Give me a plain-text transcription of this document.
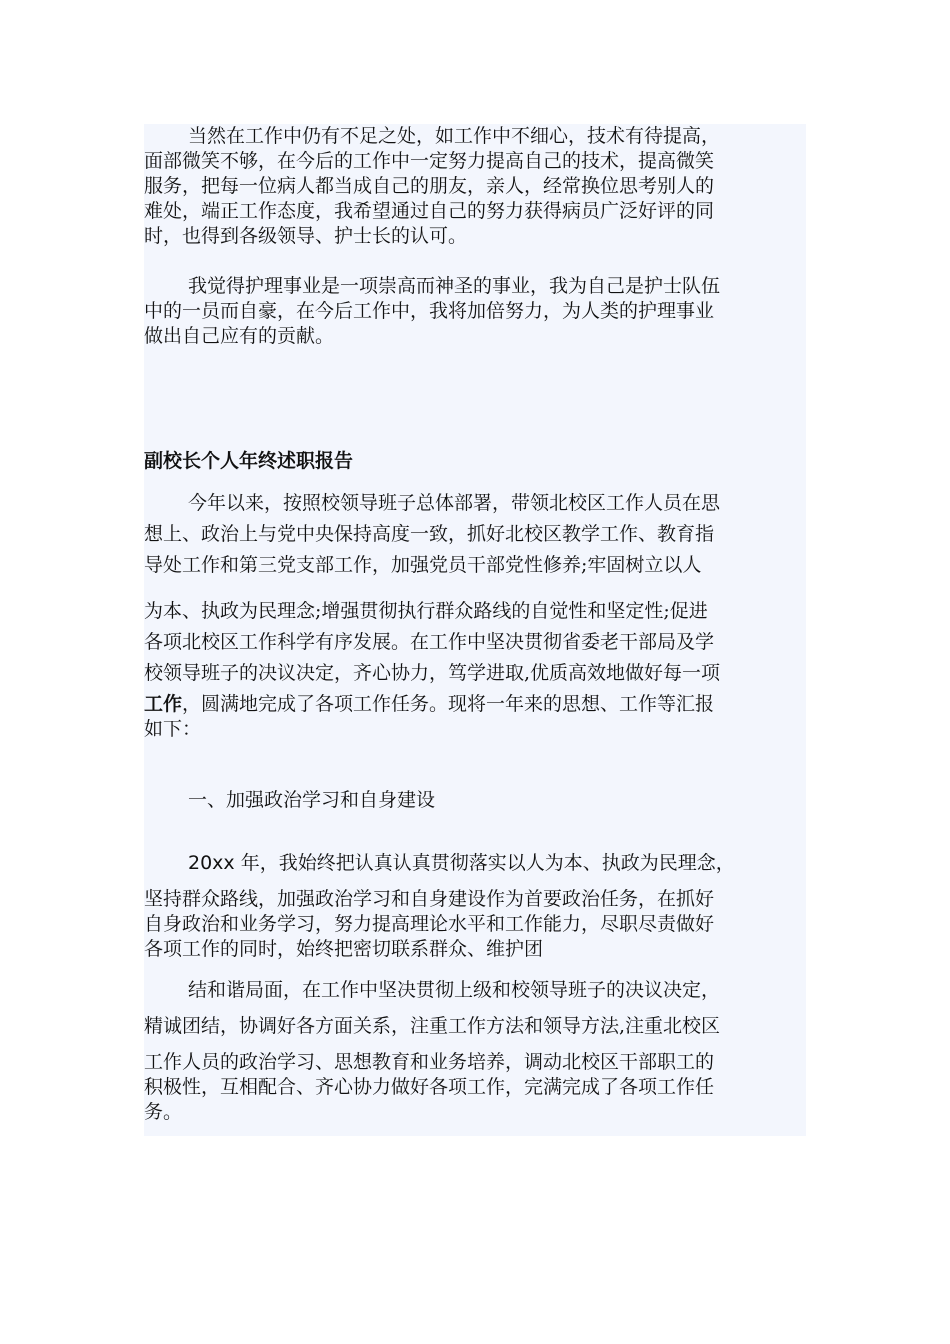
当然在工作中仍有不足之处，如工作中不细心，技术有待提高，
面部微笑不够，在今后的工作中一定努力提高自己的技术，提高微笑
服务，把每一位病人都当成自己的朋友，亲人，经常换位思考别人的
难处，端正工作态度，我希望通过自己的努力获得病员广泛好评的同
时，也得到各级领导、护士长的认可。
我觉得护理事业是一项崇高而神圣的事业，我为自己是护士队伍
中的一员而自豪，在今后工作中，我将加倍努力，为人类的护理事业
做出自己应有的贡献。
副校长个人年终述职报告
今年以来，按照校领导班子总体部署，带领北校区工作人员在思
想上、政治上与党中央保持高度一致，抓好北校区教学工作、教育指
导处工作和第三党支部工作，加强党员干部党性修养;牢固树立以人
为本、执政为民理念;增强贯彻执行群众路线的自觉性和坚定性;促进
各项北校区工作科学有序发展。在工作中坚决贯彻省委老干部局及学
校领导班子的决议决定，齐心协力，笃学进取,优质高效地做好每一项
工作，圆满地完成了各项工作任务。现将一年来的思想、工作等汇报
如下：
一、加强政治学习和自身建设
20xx 年，我始终把认真认真贯彻落实以人为本、执政为民理念，
坚持群众路线，加强政治学习和自身建设作为首要政治任务，在抓好
自身政治和业务学习，努力提高理论水平和工作能力，尽职尽责做好
各项工作的同时，始终把密切联系群众、维护团
结和谐局面，在工作中坚决贯彻上级和校领导班子的决议决定，
精诚团结，协调好各方面关系，注重工作方法和领导方法,注重北校区
工作人员的政治学习、思想教育和业务培养，调动北校区干部职工的
积极性，互相配合、齐心协力做好各项工作，完满完成了各项工作任
务。
